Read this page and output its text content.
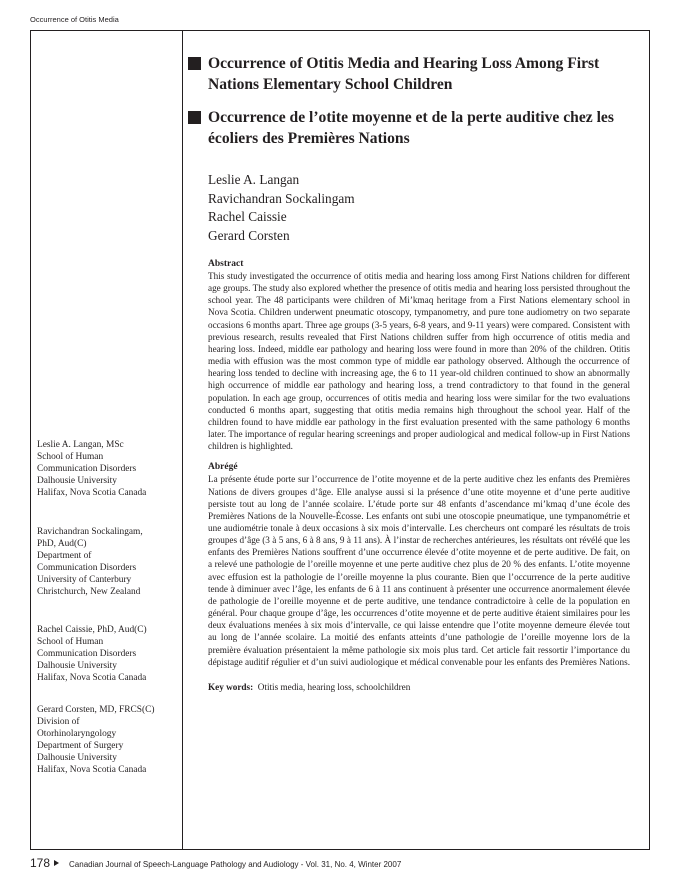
Occurrence of Otitis Media
Occurrence of Otitis Media and Hearing Loss Among First Nations Elementary School Children
Occurrence de l’otite moyenne et de la perte auditive chez les écoliers des Premières Nations
Leslie A. Langan
Ravichandran Sockalingam
Rachel Caissie
Gerard Corsten
Abstract

This study investigated the occurrence of otitis media and hearing loss among First Nations children for different age groups. The study also explored whether the presence of otitis media and hearing loss persisted throughout the school year. The 48 participants were children of Mi’kmaq heritage from a First Nations elementary school in Nova Scotia. Children underwent pneumatic otoscopy, tympanometry, and pure tone audiometry on two separate occasions 6 months apart. Three age groups (3-5 years, 6-8 years, and 9-11 years) were compared. Consistent with previous research, results revealed that First Nations children suffer from high occurrence of otitis media and hearing loss. Indeed, middle ear pathology and hearing loss were found in more than 20% of the children. Otitis media with effusion was the most common type of middle ear pathology observed. Although the occurrence of hearing loss tended to decline with increasing age, the 6 to 11 year-old children continued to show an abnormally high occurrence of middle ear pathology and hearing loss, a trend contradictory to that found in the general population. In each age group, occurrences of otitis media and hearing loss were similar for the two evaluations conducted 6 months apart, suggesting that otitis media remains high throughout the school year. Half of the children found to have middle ear pathology in the first evaluation presented with the same pathology 6 months later. The importance of regular hearing screenings and proper audiological and medical follow-up in First Nations children is highlighted.

Abrégé

La présente étude porte sur l’occurrence de l’otite moyenne et de la perte auditive chez les enfants des Premières Nations de divers groupes d’âge. Elle analyse aussi si la présence d’une otite moyenne et d’une perte auditive persiste tout au long de l’année scolaire. L’étude porte sur 48 enfants d’ascendance mi’kmaq d’une école des Premières Nations de la Nouvelle-Écosse. Les enfants ont subi une otoscopie pneumatique, une tympanométrie et une audiométrie tonale à deux occasions à six mois d’intervalle. Les chercheurs ont comparé les résultats de trois groupes d’âge (3 à 5 ans, 6 à 8 ans, 9 à 11 ans). À l’instar de recherches antérieures, les résultats ont révélé que les enfants des Premières Nations souffrent d’une occurrence élevée d’otite moyenne et de perte auditive. De fait, on a relevé une pathologie de l’oreille moyenne et une perte auditive chez plus de 20 % des enfants. L’otite moyenne avec effusion est la pathologie de l’oreille moyenne la plus courante. Bien que l’occurrence de la perte auditive tende à diminuer avec l’âge, les enfants de 6 à 11 ans continuent à présenter une occurrence anormalement élevée de pathologie de l’oreille moyenne et de perte auditive, une tendance contradictoire à celle de la population en général. Pour chaque groupe d’âge, les occurrences d’otite moyenne et de perte auditive étaient similaires pour les deux évaluations menées à six mois d’intervalle, ce qui laisse entendre que l’otite moyenne demeure élevée tout au long de l’année scolaire. La moitié des enfants atteints d’une pathologie de l’oreille moyenne lors de la première évaluation présentaient la même pathologie six mois plus tard. Cet article fait ressortir l’importance du dépistage auditif régulier et d’un suivi audiologique et médical convenable pour les enfants des Premières Nations.

Key words: Otitis media, hearing loss, schoolchildren
Leslie A. Langan, MSc
School of Human
Communication Disorders
Dalhousie University
Halifax, Nova Scotia Canada
Ravichandran Sockalingam,
PhD, Aud(C)
Department of
Communication Disorders
University of Canterbury
Christchurch, New Zealand
Rachel Caissie, PhD, Aud(C)
School of Human
Communication Disorders
Dalhousie University
Halifax, Nova Scotia Canada
Gerard Corsten, MD, FRCS(C)
Division of
Otorhinolaryngology
Department of Surgery
Dalhousie University
Halifax, Nova Scotia Canada
178 Canadian Journal of Speech-Language Pathology and Audiology - Vol. 31, No. 4, Winter 2007
